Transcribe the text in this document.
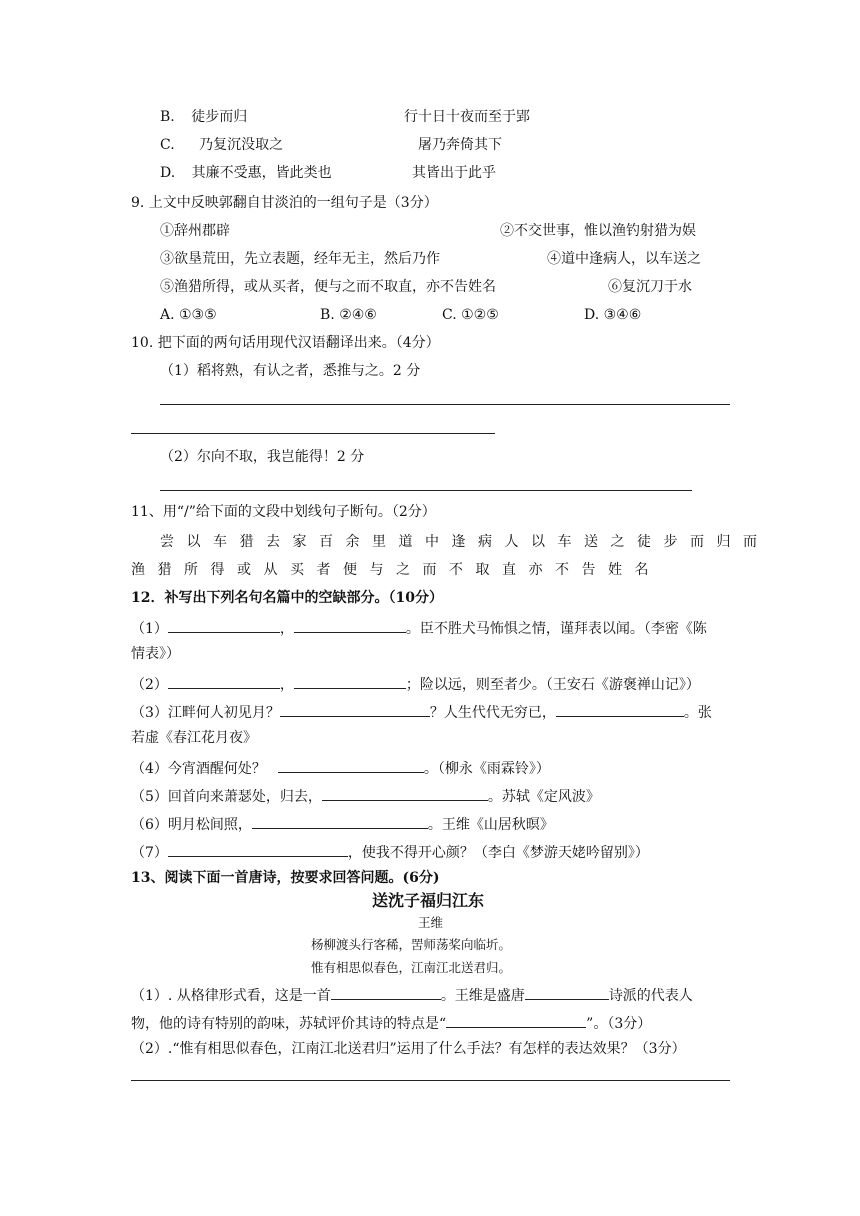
B. 徒步而归	行十日十夜而至于郢
C. 乃复沉没取之	屠乃奔倚其下
D. 其廉不受惠，皆此类也	其皆出于此乎
9. 上文中反映郭翻自甘淡泊的一组句子是（3分）
①辞州郡辟	②不交世事，惟以渔钓射猎为娱
③欲垦荒田，先立表题，经年无主，然后乃作	④道中逢病人，以车送之
⑤渔猎所得，或从买者，便与之而不取直，亦不告姓名	⑥复沉刀于水
A. ①③⑤	B. ②④⑥	C. ①②⑤	D. ③④⑥
10. 把下面的两句话用现代汉语翻译出来。（4分）
（1）稻将熟，有认之者，悉推与之。2 分
（2）尔向不取，我岂能得！2 分
11、用“/”给下面的文段中划线句子断句。（2分）
尝以车猎去家百余里道中逢病人以车送之徒步而归而
渔猎所得或从买者便与之而不取直亦不告姓名
12．补写出下列名句名篇中的空缺部分。（10分）
（1）	，	。臣不胜犬马怖惧之情，谨拜表以闻。（李密《陈
情表》）
（2）	，	；险以远，则至者少。（王安石《游褒禅山记》）
（3）江畔何人初见月？	？人生代代无穷已，	。张
若虚《春江花月夜》
（4）今宵酒醒何处？	。（柳永《雨霖铃》）
（5）回首向来萧瑟处，归去，	。苏轼《定风波》
（6）明月松间照，	。王维《山居秋暝》
（7）	，使我不得开心颜？（李白《梦游天姥吟留别》）
13、阅读下面一首唐诗，按要求回答问题。(6分)
送沈子福归江东
王维
杨柳渡头行客稀，罟师荡桨向临圻。
惟有相思似春色，江南江北送君归。
（1）. 从格律形式看，这是一首	。王维是盛唐	诗派的代表人
物，他的诗有特别的韵味，苏轼评价其诗的特点是“	”。（3分）
（2）.“惟有相思似春色，江南江北送君归”运用了什么手法？有怎样的表达效果？（3分）
